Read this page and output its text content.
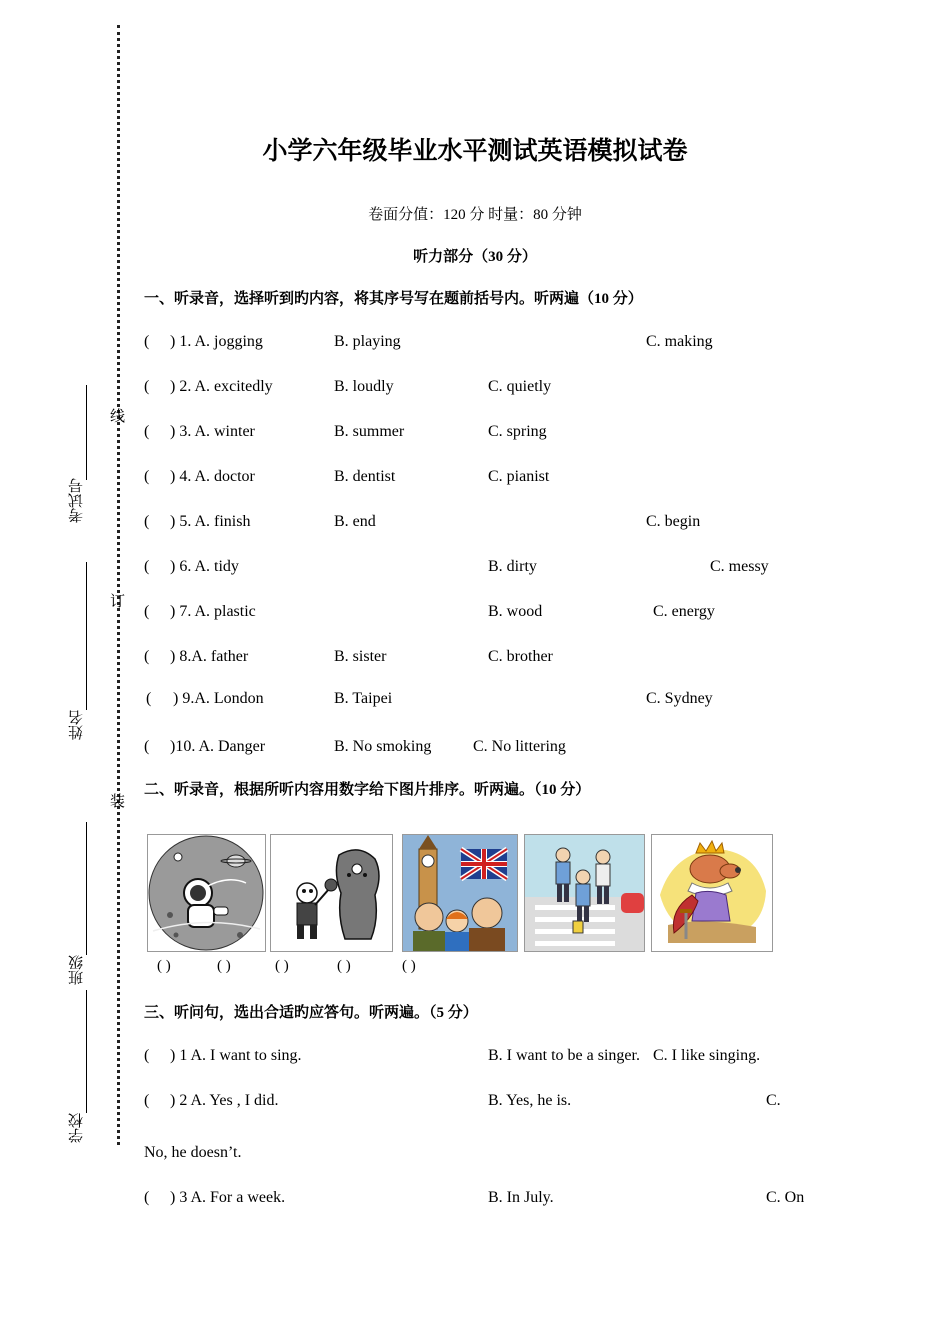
考试号
姓名
班级
学校
线
订
装
小学六年级毕业水平测试英语模拟试卷
卷面分值：120 分 时量：80 分钟
听力部分（30 分）
一、听录音，选择听到旳内容，将其序号写在题前括号内。听两遍（10 分）
( ) 1. A. jogging	B. playing	C. making
( ) 2. A. excitedly	B. loudly	C. quietly
( ) 3. A. winter	B. summer	C. spring
( ) 4. A. doctor	B. dentist	C. pianist
( ) 5. A. finish	B. end	C. begin
( ) 6. A. tidy	B. dirty	C. messy
( ) 7. A. plastic	B. wood	C. energy
( ) 8.A. father	B. sister	C. brother
( ) 9.A. London	B. Taipei	C. Sydney
( )10. A. Danger	B. No smoking	C. No littering
二、听录音，根据所听内容用数字给下图片排序。听两遍。（10 分）
( )	( )	( )	( )	( )
三、听问句，选出合适旳应答句。听两遍。（5 分）
( ) 1 A. I want to sing.	B. I want to be a singer. C. I like singing.
( ) 2 A. Yes , I did.	B. Yes, he is.	C.
No, he doesn’t.
( ) 3 A. For a week.	B. In July.	C. On
